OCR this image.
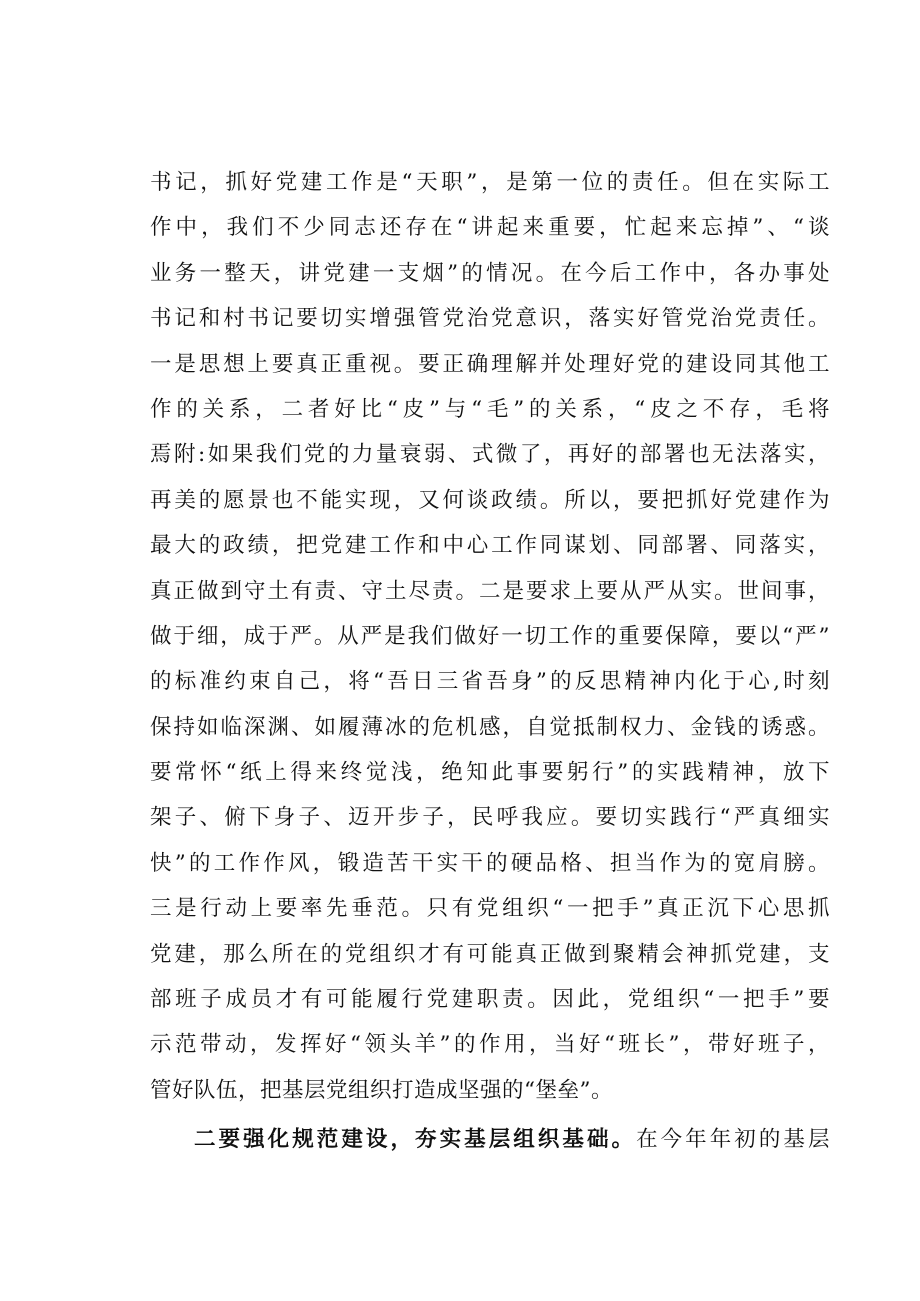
书记，抓好党建工作是“天职”，是第一位的责任。但在实际工
作中，我们不少同志还存在“讲起来重要，忙起来忘掉”、“谈
业务一整天，讲党建一支烟”的情况。在今后工作中，各办事处
书记和村书记要切实增强管党治党意识，落实好管党治党责任。
一是思想上要真正重视。要正确理解并处理好党的建设同其他工
作的关系，二者好比“皮”与“毛”的关系，“皮之不存，毛将
焉附:如果我们党的力量衰弱、式微了，再好的部署也无法落实，
再美的愿景也不能实现，又何谈政绩。所以，要把抓好党建作为
最大的政绩，把党建工作和中心工作同谋划、同部署、同落实，
真正做到守土有责、守土尽责。二是要求上要从严从实。世间事，
做于细，成于严。从严是我们做好一切工作的重要保障，要以“严”
的标准约束自己，将“吾日三省吾身”的反思精神内化于心,时刻
保持如临深渊、如履薄冰的危机感，自觉抵制权力、金钱的诱惑。
要常怀“纸上得来终觉浅，绝知此事要躬行”的实践精神，放下
架子、俯下身子、迈开步子，民呼我应。要切实践行“严真细实
快”的工作作风，锻造苦干实干的硬品格、担当作为的宽肩膀。
三是行动上要率先垂范。只有党组织“一把手”真正沉下心思抓
党建，那么所在的党组织才有可能真正做到聚精会神抓党建，支
部班子成员才有可能履行党建职责。因此，党组织“一把手”要
示范带动，发挥好“领头羊”的作用，当好“班长”，带好班子，
管好队伍，把基层党组织打造成坚强的“堡垒”。
二要强化规范建设，夯实基层组织基础。在今年年初的基层
